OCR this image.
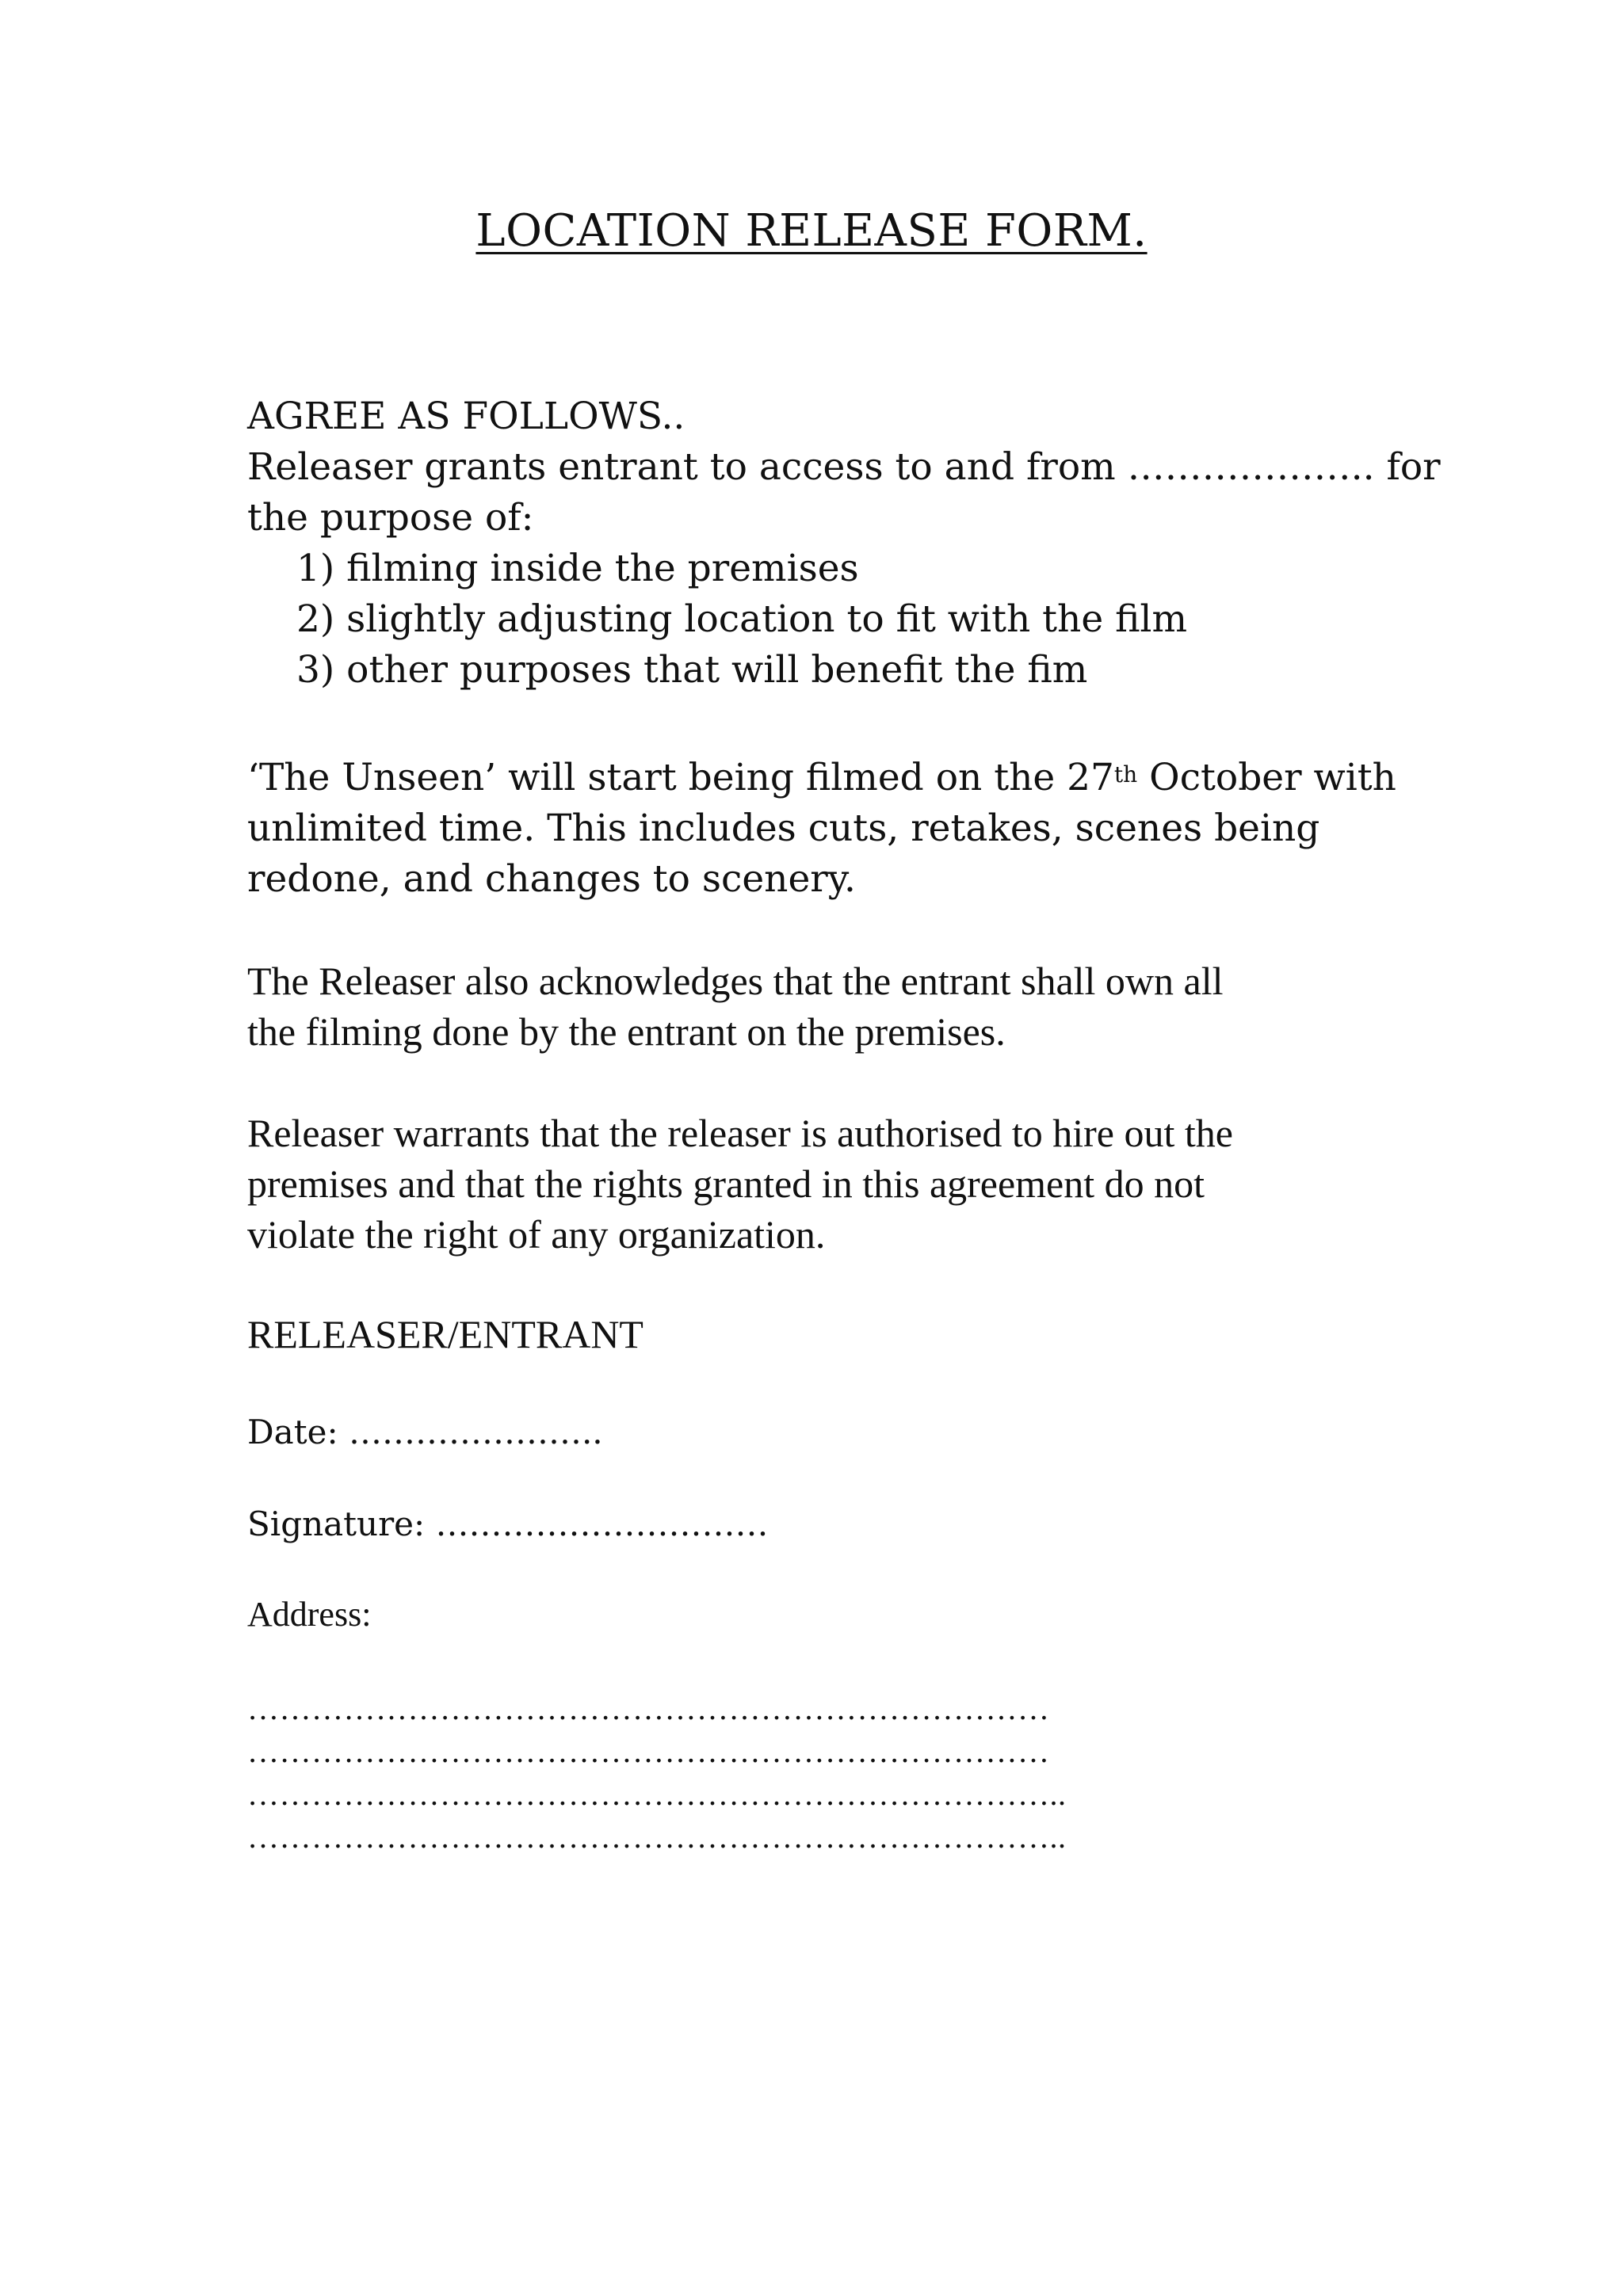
LOCATION RELEASE FORM.
AGREE AS FOLLOWS..
Releaser grants entrant to access to and from ……………….. for
the purpose of:
1) filming inside the premises
2) slightly adjusting location to fit with the film
3) other purposes that will benefit the fim
‘The Unseen’ will start being filmed on the 27th October with
unlimited time. This includes cuts, retakes, scenes being
redone, and changes to scenery.
The Releaser also acknowledges that the entrant shall own all
the filming done by the entrant on the premises.
Releaser warrants that the releaser is authorised to hire out the
premises and that the rights granted in this agreement do not
violate the right of any organization.
RELEASER/ENTRANT
Date: …………………..
Signature: …………………………
Address:
…………………………………………………………………
…………………………………………………………………
…………………………………………………………………..
…………………………………………………………………..
